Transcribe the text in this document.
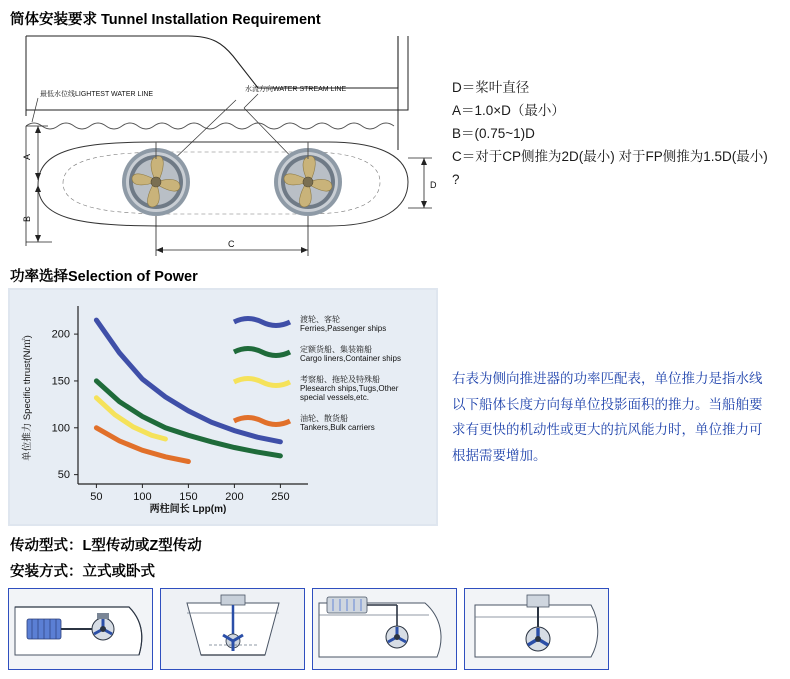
筒体安装要求 Tunnel Installation Requirement
最低水位线LIGHTEST WATER LINE
水流方向WATER STREAM LINE
A
B
D
C
D＝桨叶直径
A＝1.0×D（最小）
B＝(0.75~1)D
C＝对于CP侧推为2D(最小) 对于FP侧推为1.5D(最小)
?
功率选择Selection of Power
50
100
150
200
50	100	150	200	250
渡轮、客轮
Ferries,Passenger ships
定额货船、集装箱船
Cargo liners,Container ships
考察船、拖轮及特殊船
Plesearch ships,Tugs,Other
special vessels,etc.
油轮、散货船
Tankers,Bulk carriers
单位推力 Specific thrust(N/㎡)
两柱间长 Lpp(m)
右表为侧向推进器的功率匹配表，单位推力是指水线以下船体长度方向每单位投影面积的推力。当船舶要求有更快的机动性或更大的抗风能力时，单位推力可根据需要增加。
传动型式：L型传动或Z型传动
安装方式：立式或卧式
